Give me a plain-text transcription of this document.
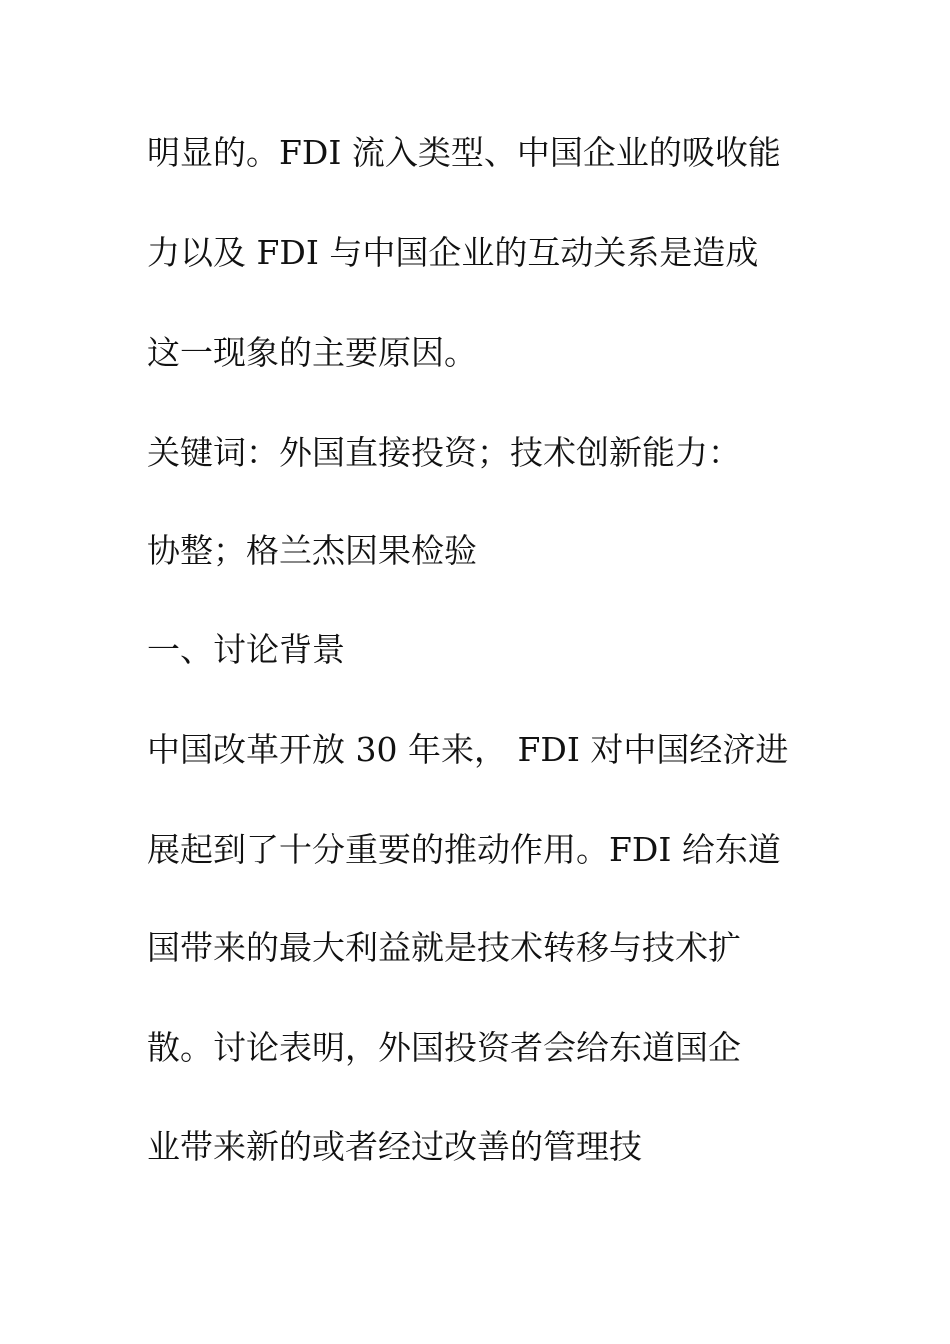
明显的。FDI 流入类型、中国企业的吸收能
力以及 FDI 与中国企业的互动关系是造成
这一现象的主要原因。
关键词：外国直接投资；技术创新能力：
协整；格兰杰因果检验
一、讨论背景
中国改革开放 30 年来， FDI 对中国经济进
展起到了十分重要的推动作用。FDI 给东道
国带来的最大利益就是技术转移与技术扩
散。讨论表明，外国投资者会给东道国企
业带来新的或者经过改善的管理技
